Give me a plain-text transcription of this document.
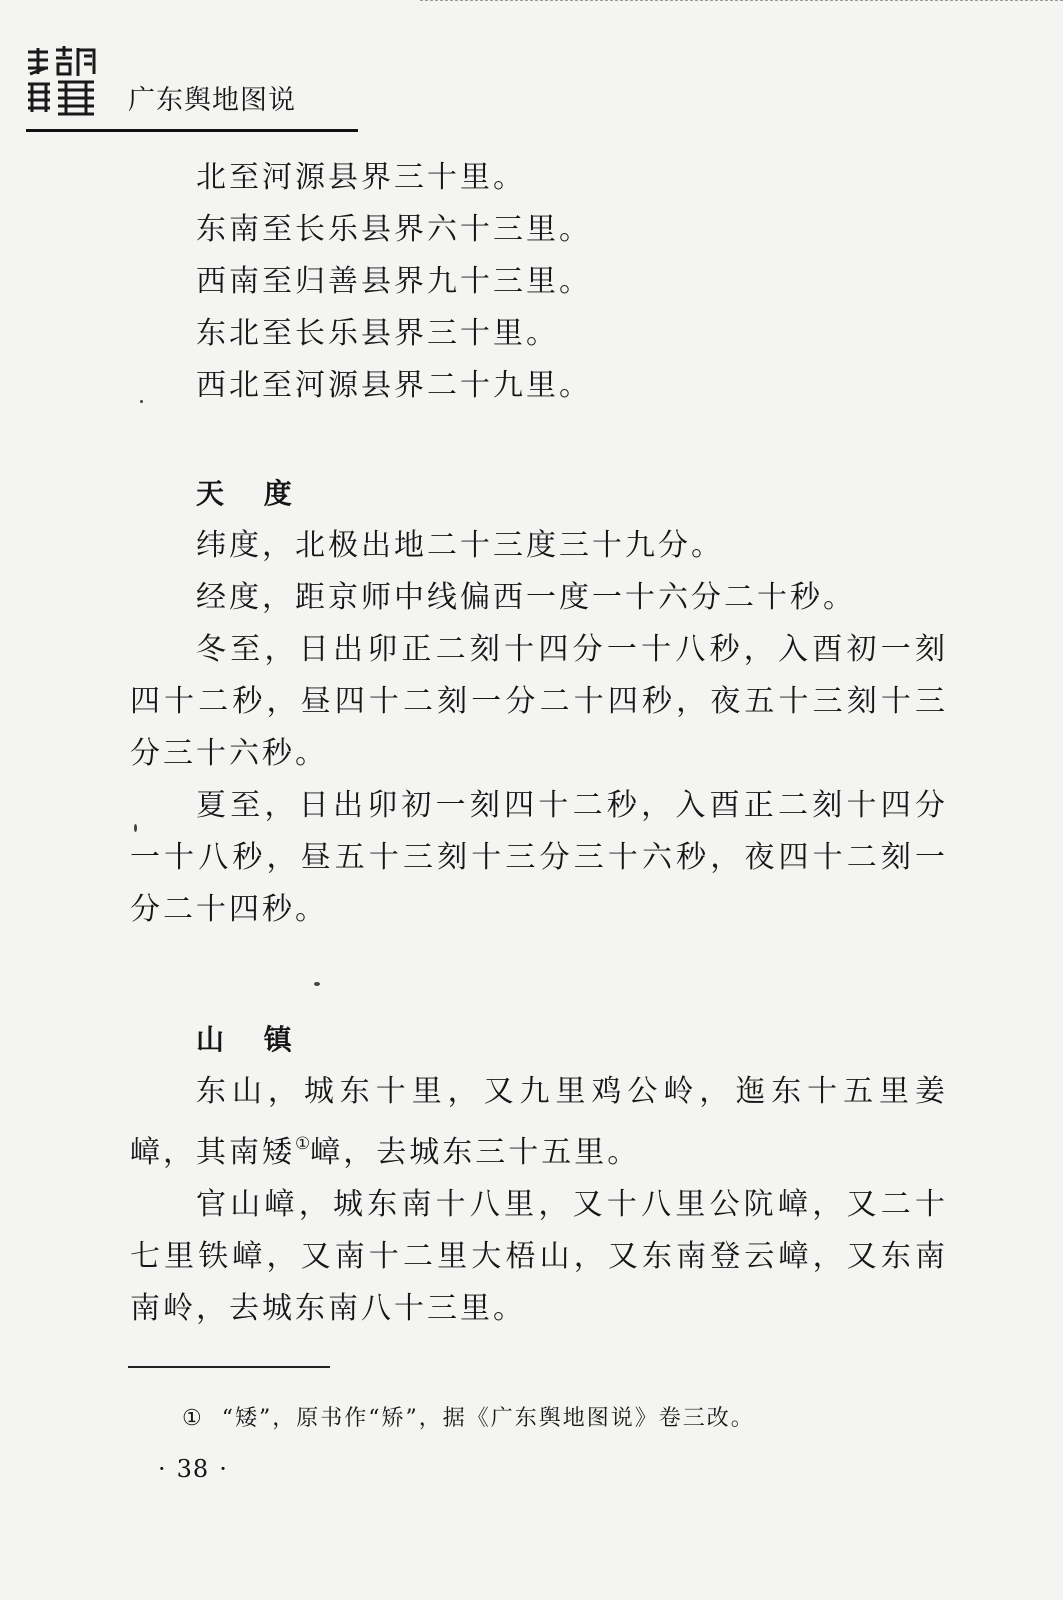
广东舆地图说

北至河源县界三十里。

东南至长乐县界六十三里。

西南至归善县界九十三里。

东北至长乐县界三十里。

西北至河源县界二十九里。

天 度

纬度，北极出地二十三度三十九分。

经度，距京师中线偏西一度一十六分二十秒。

冬至，日出卯正二刻十四分一十八秒，入酉初一刻四十二秒，昼四十二刻一分二十四秒，夜五十三刻十三分三十六秒。

夏至，日出卯初一刻四十二秒，入酉正二刻十四分一十八秒，昼五十三刻十三分三十六秒，夜四十二刻一分二十四秒。

山 镇

东山，城东十里，又九里鸡公岭，迤东十五里姜嶂，其南矮①嶂，去城东三十五里。

官山嶂，城东南十八里，又十八里公阬嶂，又二十七里铁嶂，又南十二里大梧山，又东南登云嶂，又东南南岭，去城东南八十三里。

① “矮”，原书作“矫”，据《广东舆地图说》卷三改。
· 38 ·
